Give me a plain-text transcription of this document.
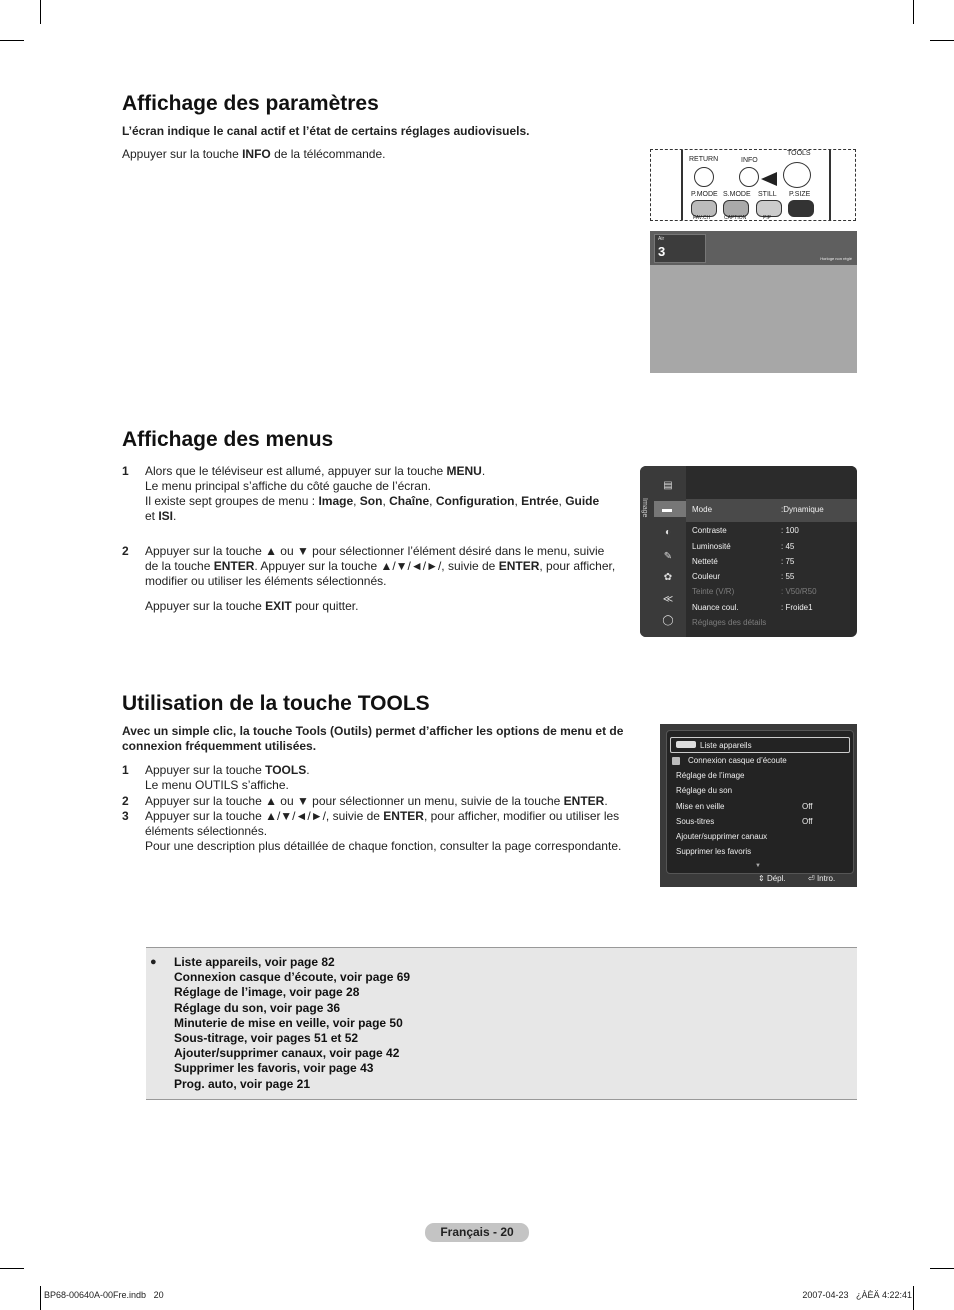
Affichage des paramètres
L’écran indique le canal actif et l’état de certains réglages audiovisuels.
Appuyer sur la touche INFO de la télécommande.	RETURN	INFO
TOOLS
P.MODE S.MODE STILL P.SIZE
FAV.CH	CAPTION	PIP
Air
3	Horloge non réglé
Affichage des menus
1 Alors que le téléviseur est allumé, appuyer sur la touche MENU.
Le menu principal s’affiche du côté gauche de l’écran.
Il existe sept groupes de menu : Image, Son, Chaîne, Configuration, Entrée, Guide
et ISI.
2 Appuyer sur la touche ▲ ou ▼ pour sélectionner l’élément désiré dans le menu, suivie
de la touche ENTER. Appuyer sur la touche ▲/▼/◄/►/, suivie de ENTER, pour afficher,
modifier ou utiliser les éléments sélectionnés.
Appuyer sur la touche EXIT pour quitter.
Image
▤
▬
◐
✎
✿
≪
◯
Mode	:Dynamique
Contraste	: 100
Luminosité	: 45
Netteté	: 75
Couleur	: 55
Teinte (V/R)	: V50/R50
Nuance coul.	: Froide1
Réglages des détails
Utilisation de la touche TOOLS
Avec un simple clic, la touche Tools (Outils) permet d’afficher les options de menu et de
connexion fréquemment utilisées.
1 Appuyer sur la touche TOOLS.
Le menu OUTILS s’affiche.
2 Appuyer sur la touche ▲ ou ▼ pour sélectionner un menu, suivie de la touche ENTER.
3 Appuyer sur la touche ▲/▼/◄/►/, suivie de ENTER, pour afficher, modifier ou utiliser les
éléments sélectionnés.
Pour une description plus détaillée de chaque fonction, consulter la page correspondante.
Liste appareils
Connexion casque d’écoute
Réglage de l’image
Réglage du son
Mise en veille	Off
Sous-titres	Off
Ajouter/supprimer canaux
Supprimer les favoris
▼
⇕ Dépl.	⏎ Intro.
● Liste appareils, voir page 82
Connexion casque d’écoute, voir page 69
Réglage de l’image, voir page 28
Réglage du son, voir page 36
Minuterie de mise en veille, voir page 50
Sous-titrage, voir pages 51 et 52
Ajouter/supprimer canaux, voir page 42
Supprimer les favoris, voir page 43
Prog. auto, voir page 21
Français - 20
BP68-00640A-00Fre.indb   20	2007-04-23   ¿ÀÈÄ 4:22:41
